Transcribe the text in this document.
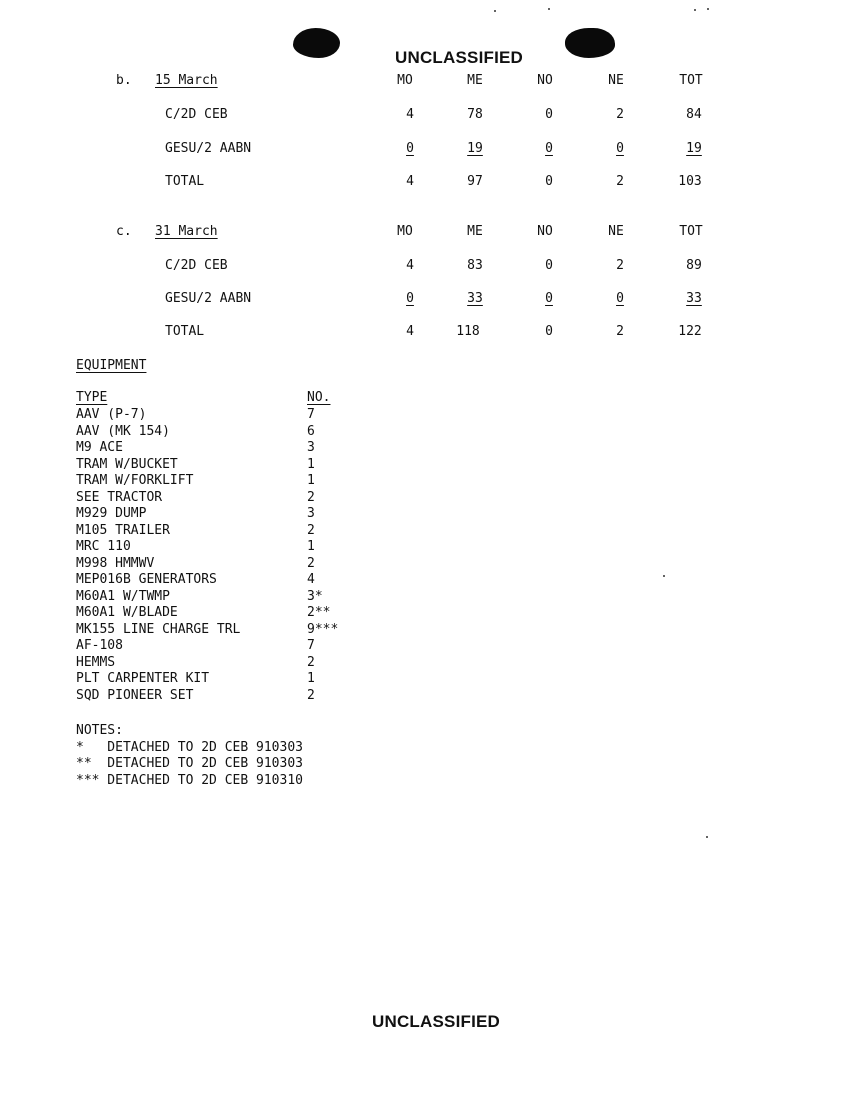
UNCLASSIFIED
UNCLASSIFIED
b. 15 March	MO	ME	NO	NE	TOT
C/2D CEB	4	78	0	2	84
GESU/2 AABN	0	19	0	0	19
TOTAL	4	97	0	2	103
c. 31 March	MO	ME	NO	NE	TOT
C/2D CEB	4	83	0	2	89
GESU/2 AABN	0	33	0	0	33
TOTAL	4	118	0	2	122
EQUIPMENT
TYPE	NO.
AAV (P-7)	7
AAV (MK 154)	6
M9 ACE	3
TRAM W/BUCKET	1
TRAM W/FORKLIFT	1
SEE TRACTOR	2
M929 DUMP	3
M105 TRAILER	2
MRC 110	1
M998 HMMWV	2
MEP016B GENERATORS	4
M60A1 W/TWMP	3*
M60A1 W/BLADE	2**
MK155 LINE CHARGE TRL	9***
AF-108	7
HEMMS	2
PLT CARPENTER KIT	1
SQD PIONEER SET	2
NOTES:
*   DETACHED TO 2D CEB 910303
**  DETACHED TO 2D CEB 910303
*** DETACHED TO 2D CEB 910310
